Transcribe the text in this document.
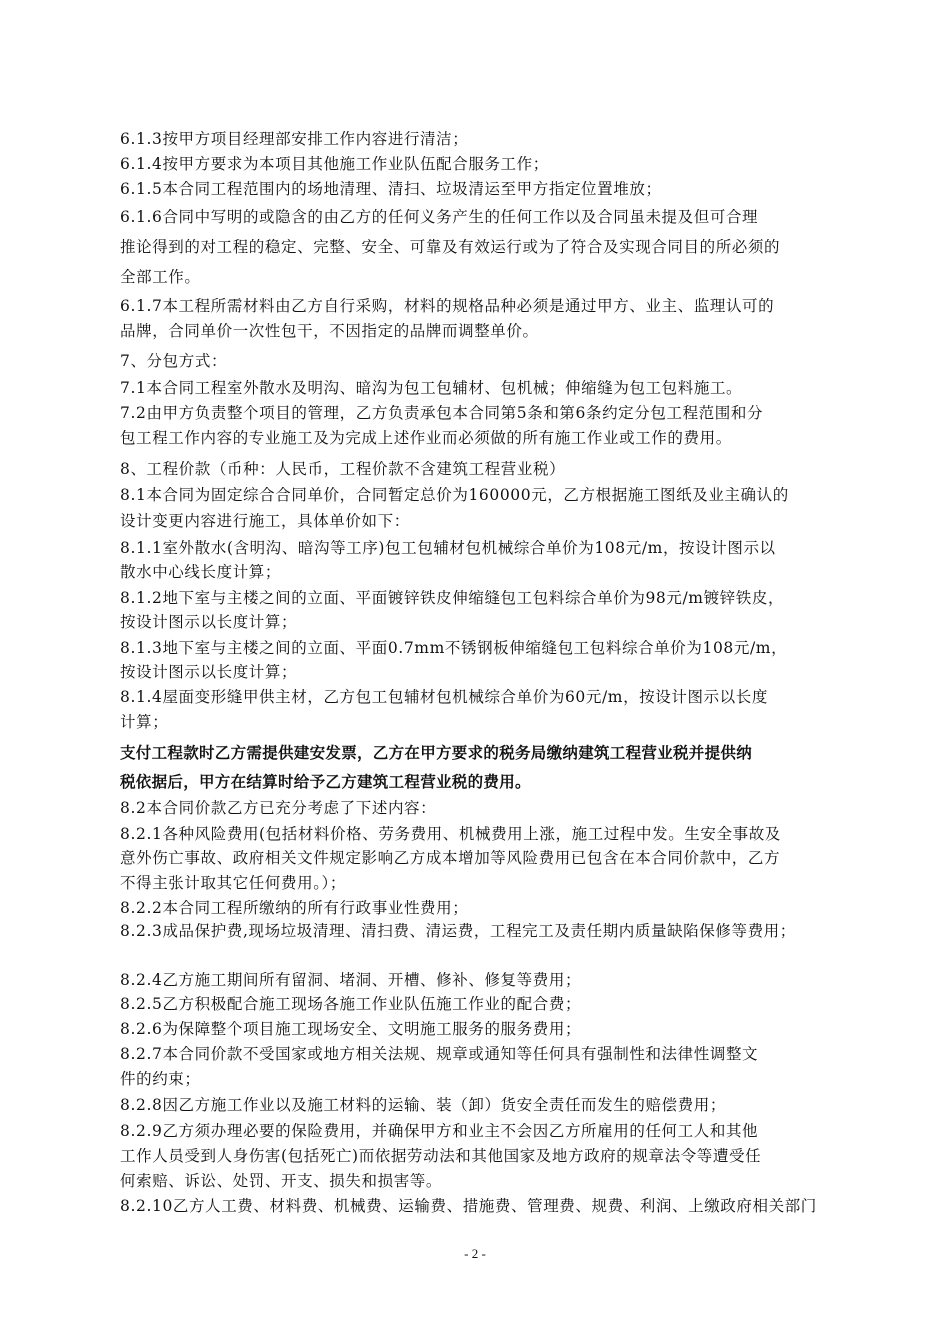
6.1.3按甲方项目经理部安排工作内容进行清洁；
6.1.4按甲方要求为本项目其他施工作业队伍配合服务工作；
6.1.5本合同工程范围内的场地清理、清扫、垃圾清运至甲方指定位置堆放；
6.1.6合同中写明的或隐含的由乙方的任何义务产生的任何工作以及合同虽未提及但可合理
推论得到的对工程的稳定、完整、安全、可靠及有效运行或为了符合及实现合同目的所必须的
全部工作。
6.1.7本工程所需材料由乙方自行采购，材料的规格品种必须是通过甲方、业主、监理认可的
品牌，合同单价一次性包干，不因指定的品牌而调整单价。
7、分包方式：
7.1本合同工程室外散水及明沟、暗沟为包工包辅材、包机械；伸缩缝为包工包料施工。
7.2由甲方负责整个项目的管理，乙方负责承包本合同第5条和第6条约定分包工程范围和分
包工程工作内容的专业施工及为完成上述作业而必须做的所有施工作业或工作的费用。
8、工程价款（币种：人民币，工程价款不含建筑工程营业税）
8.1本合同为固定综合合同单价，合同暂定总价为160000元，乙方根据施工图纸及业主确认的
设计变更内容进行施工，具体单价如下：
8.1.1室外散水(含明沟、暗沟等工序)包工包辅材包机械综合单价为108元/m，按设计图示以
散水中心线长度计算；
8.1.2地下室与主楼之间的立面、平面镀锌铁皮伸缩缝包工包料综合单价为98元/m镀锌铁皮，
按设计图示以长度计算；
8.1.3地下室与主楼之间的立面、平面0.7mm不锈钢板伸缩缝包工包料综合单价为108元/m，
按设计图示以长度计算；
8.1.4屋面变形缝甲供主材，乙方包工包辅材包机械综合单价为60元/m，按设计图示以长度
计算；
支付工程款时乙方需提供建安发票，乙方在甲方要求的税务局缴纳建筑工程营业税并提供纳
税依据后，甲方在结算时给予乙方建筑工程营业税的费用。
8.2本合同价款乙方已充分考虑了下述内容：
8.2.1各种风险费用(包括材料价格、劳务费用、机械费用上涨，施工过程中发。生安全事故及
意外伤亡事故、政府相关文件规定影响乙方成本增加等风险费用已包含在本合同价款中，乙方
不得主张计取其它任何费用。）；
8.2.2本合同工程所缴纳的所有行政事业性费用；
8.2.3成品保护费,现场垃圾清理、清扫费、清运费，工程完工及责任期内质量缺陷保修等费用；
8.2.4乙方施工期间所有留洞、堵洞、开槽、修补、修复等费用；
8.2.5乙方积极配合施工现场各施工作业队伍施工作业的配合费；
8.2.6为保障整个项目施工现场安全、文明施工服务的服务费用；
8.2.7本合同价款不受国家或地方相关法规、规章或通知等任何具有强制性和法律性调整文
件的约束；
8.2.8因乙方施工作业以及施工材料的运输、装（卸）货安全责任而发生的赔偿费用；
8.2.9乙方须办理必要的保险费用，并确保甲方和业主不会因乙方所雇用的任何工人和其他
工作人员受到人身伤害(包括死亡)而依据劳动法和其他国家及地方政府的规章法令等遭受任
何索赔、诉讼、处罚、开支、损失和损害等。
8.2.10乙方人工费、材料费、机械费、运输费、措施费、管理费、规费、利润、上缴政府相关部门
- 2 -
